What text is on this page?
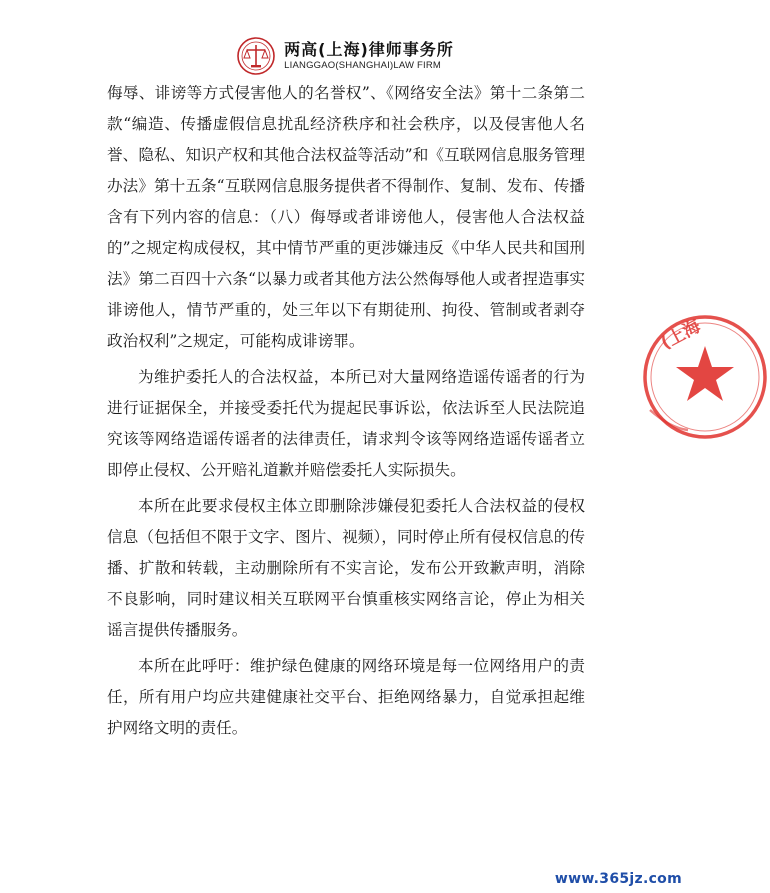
两高(上海)律师事务所
LIANGGAO(SHANGHAI)LAW FIRM

侮辱、诽谤等方式侵害他人的名誉权”、《网络安全法》第十二条第二款“编造、传播虚假信息扰乱经济秩序和社会秩序，以及侵害他人名誉、隐私、知识产权和其他合法权益等活动”和《互联网信息服务管理办法》第十五条“互联网信息服务提供者不得制作、复制、发布、传播含有下列内容的信息：（八）侮辱或者诽谤他人，侵害他人合法权益的”之规定构成侵权，其中情节严重的更涉嫌违反《中华人民共和国刑法》第二百四十六条“以暴力或者其他方法公然侮辱他人或者捏造事实诽谤他人，情节严重的，处三年以下有期徒刑、拘役、管制或者剥夺政治权利”之规定，可能构成诽谤罪。

为维护委托人的合法权益，本所已对大量网络造谣传谣者的行为进行证据保全，并接受委托代为提起民事诉讼，依法诉至人民法院追究该等网络造谣传谣者的法律责任，请求判令该等网络造谣传谣者立即停止侵权、公开赔礼道歉并赔偿委托人实际损失。

本所在此要求侵权主体立即删除涉嫌侵犯委托人合法权益的侵权信息（包括但不限于文字、图片、视频），同时停止所有侵权信息的传播、扩散和转载，主动删除所有不实言论，发布公开致歉声明，消除不良影响，同时建议相关互联网平台慎重核实网络言论，停止为相关谣言提供传播服务。

本所在此呼吁：维护绿色健康的网络环境是每一位网络用户的责任，所有用户均应共建健康社交平台、拒绝网络暴力，自觉承担起维护网络文明的责任。

(上海
www.365jz.com
